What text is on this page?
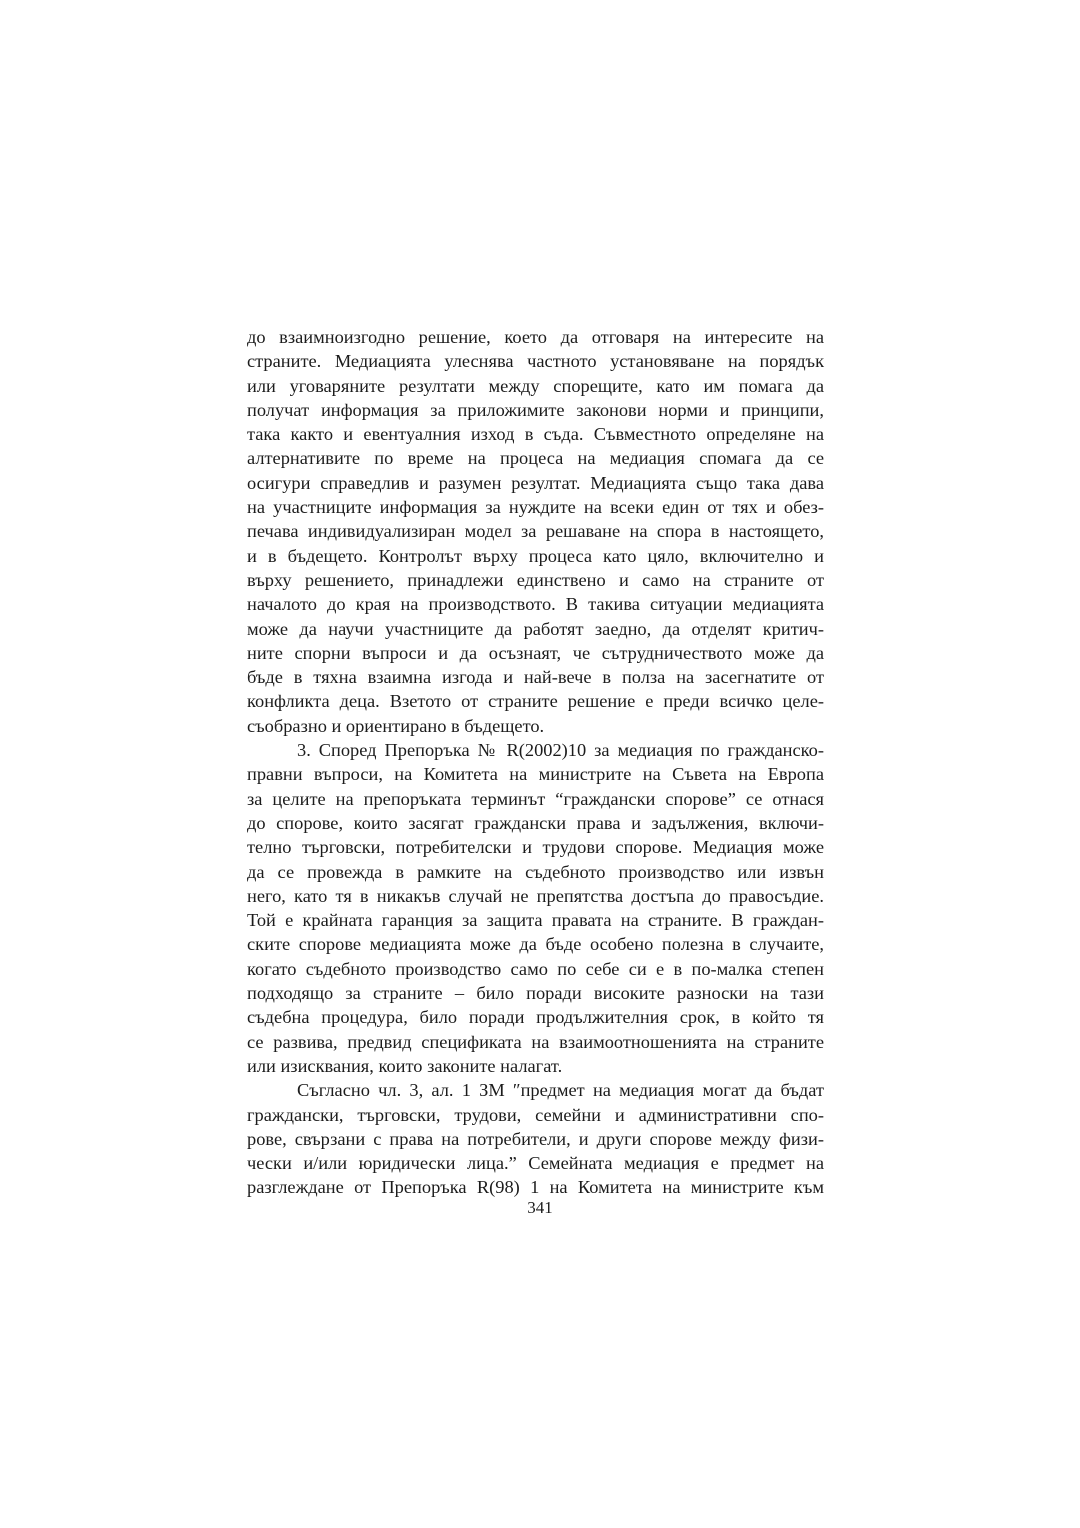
до взаимноизгодно решение, което да отговаря на интересите на
страните. Медиацията улеснява частното установяване на порядък
или уговаряните резултати между спорещите, като им помага да
получат информация за приложимите законови норми и принципи,
така както и евентуалния изход в съда. Съвместното определяне на
алтернативите по време на процеса на медиация спомага да се
осигури справедлив и разумен резултат. Медиацията също така дава
на участниците информация за нуждите на всеки един от тях и обез-
печава индивидуализиран модел за решаване на спора в настоящето,
и в бъдещето. Контролът върху процеса като цяло, включително и
върху решението, принадлежи единствено и само на страните от
началото до края на производството. В такива ситуации медиацията
може да научи участниците да работят заедно, да отделят критич-
ните спорни въпроси и да осъзнаят, че сътрудничеството може да
бъде в тяхна взаимна изгода и най-вече в полза на засегнатите от
конфликта деца. Взетото от страните решение е преди всичко целе-
съобразно и ориентирано в бъдещето.
3. Според Препоръка № R(2002)10 за медиация по гражданско-
правни въпроси, на Комитета на министрите на Съвета на Европа
за целите на препоръката терминът “граждански спорове” се отнася
до спорове, които засягат граждански права и задължения, включи-
телно търговски, потребителски и трудови спорове. Медиация може
да се провежда в рамките на съдебното производство или извън
него, като тя в никакъв случай не препятства достъпа до правосъдие.
Той е крайната гаранция за защита правата на страните. В граждан-
ските спорове медиацията може да бъде особено полезна в случаите,
когато съдебното производство само по себе си е в по-малка степен
подходящо за страните – било поради високите разноски на тази
съдебна процедура, било поради продължителния срок, в който тя
се развива, предвид спецификата на взаимоотношенията на страните
или изисквания, които законите налагат.
Съгласно чл. 3, ал. 1 ЗМ ″предмет на медиация могат да бъдат
граждански, търговски, трудови, семейни и административни спо-
рове, свързани с права на потребители, и други спорове между физи-
чески и/или юридически лица.” Семейната медиация е предмет на
разглеждане от Препоръка R(98) 1 на Комитета на министрите към
341
